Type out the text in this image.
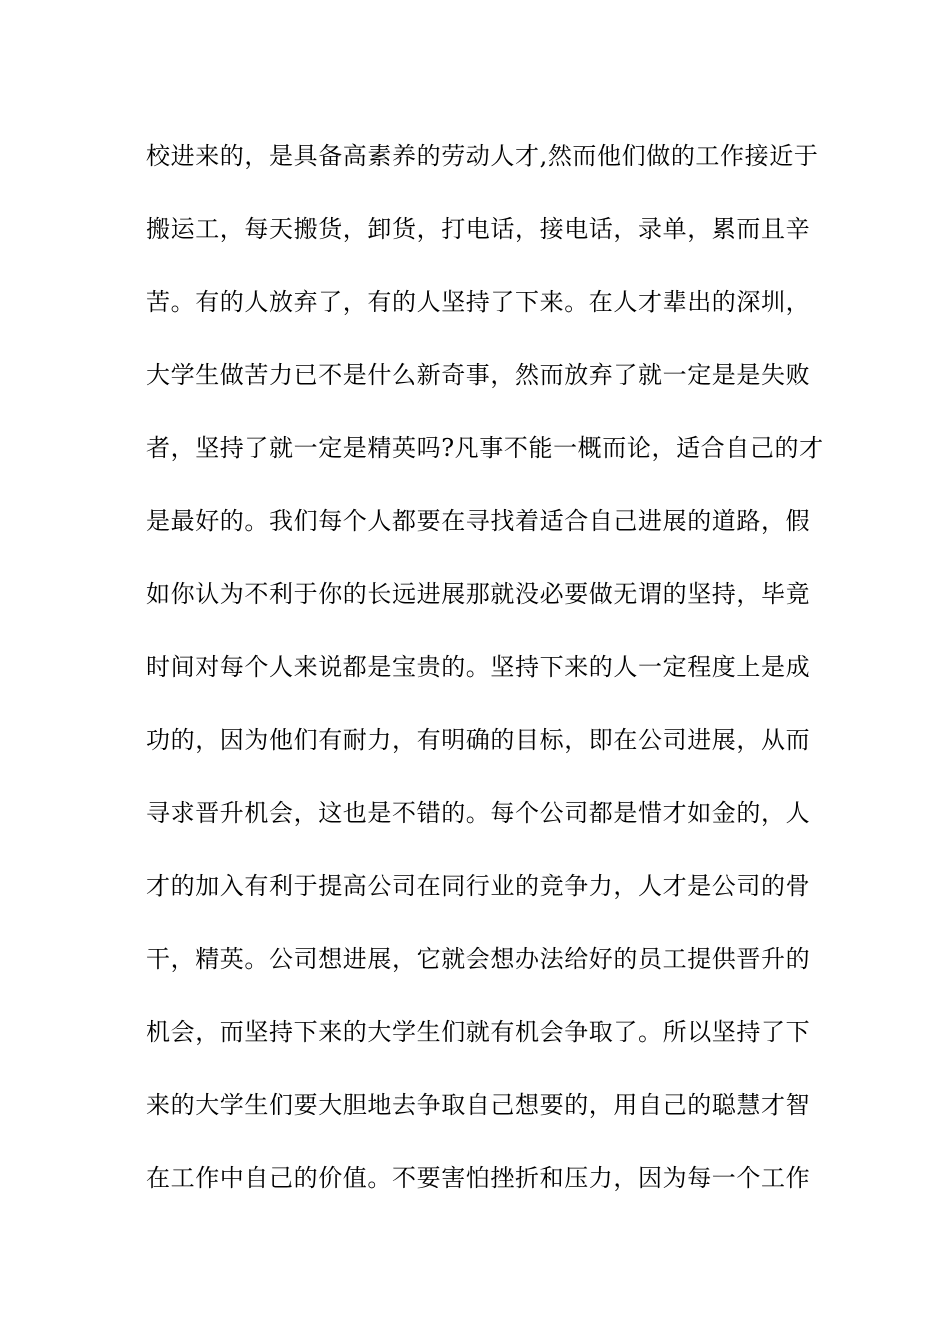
校进来的，是具备高素养的劳动人才,然而他们做的工作接近于
搬运工，每天搬货，卸货，打电话，接电话，录单，累而且辛
苦。有的人放弃了，有的人坚持了下来。在人才辈出的深圳，
大学生做苦力已不是什么新奇事，然而放弃了就一定是是失败
者，坚持了就一定是精英吗?凡事不能一概而论，适合自己的才
是最好的。我们每个人都要在寻找着适合自己进展的道路，假
如你认为不利于你的长远进展那就没必要做无谓的坚持，毕竟
时间对每个人来说都是宝贵的。坚持下来的人一定程度上是成
功的，因为他们有耐力，有明确的目标，即在公司进展，从而
寻求晋升机会，这也是不错的。每个公司都是惜才如金的，人
才的加入有利于提高公司在同行业的竞争力，人才是公司的骨
干，精英。公司想进展，它就会想办法给好的员工提供晋升的
机会，而坚持下来的大学生们就有机会争取了。所以坚持了下
来的大学生们要大胆地去争取自己想要的，用自己的聪慧才智
在工作中自己的价值。不要害怕挫折和压力，因为每一个工作
